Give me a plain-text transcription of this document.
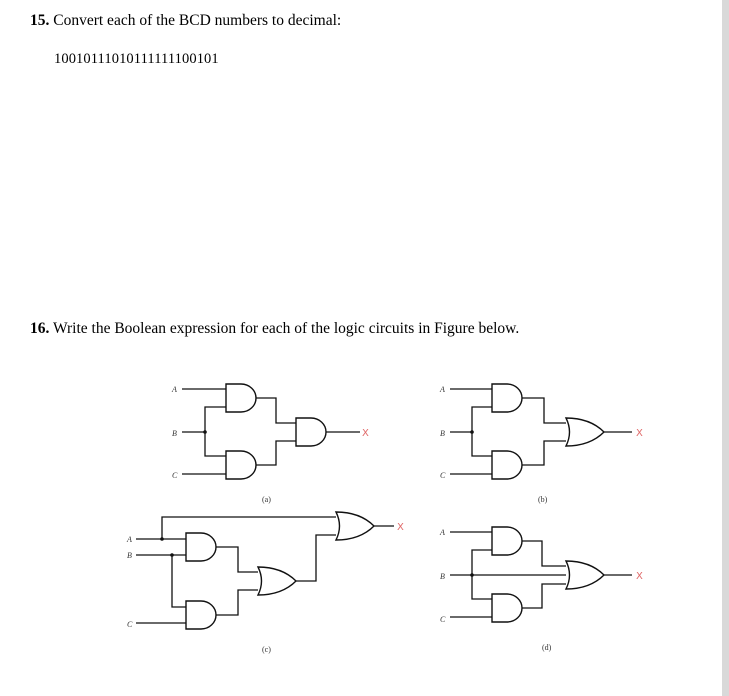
15. Convert each of the BCD numbers to decimal:
10010111010111111100101
16. Write the Boolean expression for each of the logic circuits in Figure below.
A
B
C
X
(a)
A
B
C
X
(b)
A
B
C
X
(c)
A
B
C
X
(d)
